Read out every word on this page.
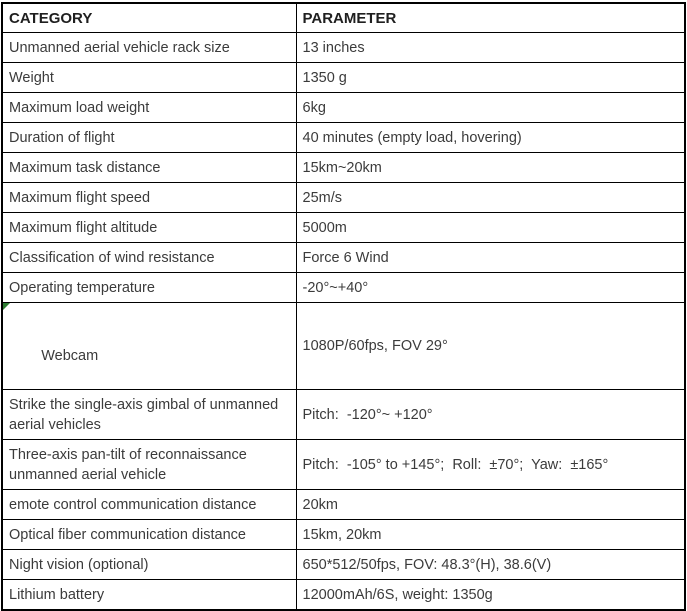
CATEGORY	PARAMETER
Unmanned aerial vehicle rack size	13 inches
Weight	1350 g
Maximum load weight	6kg
Duration of flight	40 minutes (empty load, hovering)
Maximum task distance	15km~20km
Maximum flight speed	25m/s
Maximum flight altitude	5000m
Classification of wind resistance	Force 6 Wind
Operating temperature	-20°~+40°

Webcam	1080P/60fps, FOV 29°
Strike the single-axis gimbal of unmanned aerial vehicles	Pitch:  -120°~ +120°
Three-axis pan-tilt of reconnaissance unmanned aerial vehicle	Pitch:  -105° to +145°;  Roll:  ±70°;  Yaw:  ±165°
emote control communication distance	20km
Optical fiber communication distance	15km, 20km
Night vision (optional)	650*512/50fps, FOV: 48.3°(H), 38.6(V)
Lithium battery	12000mAh/6S, weight: 1350g
